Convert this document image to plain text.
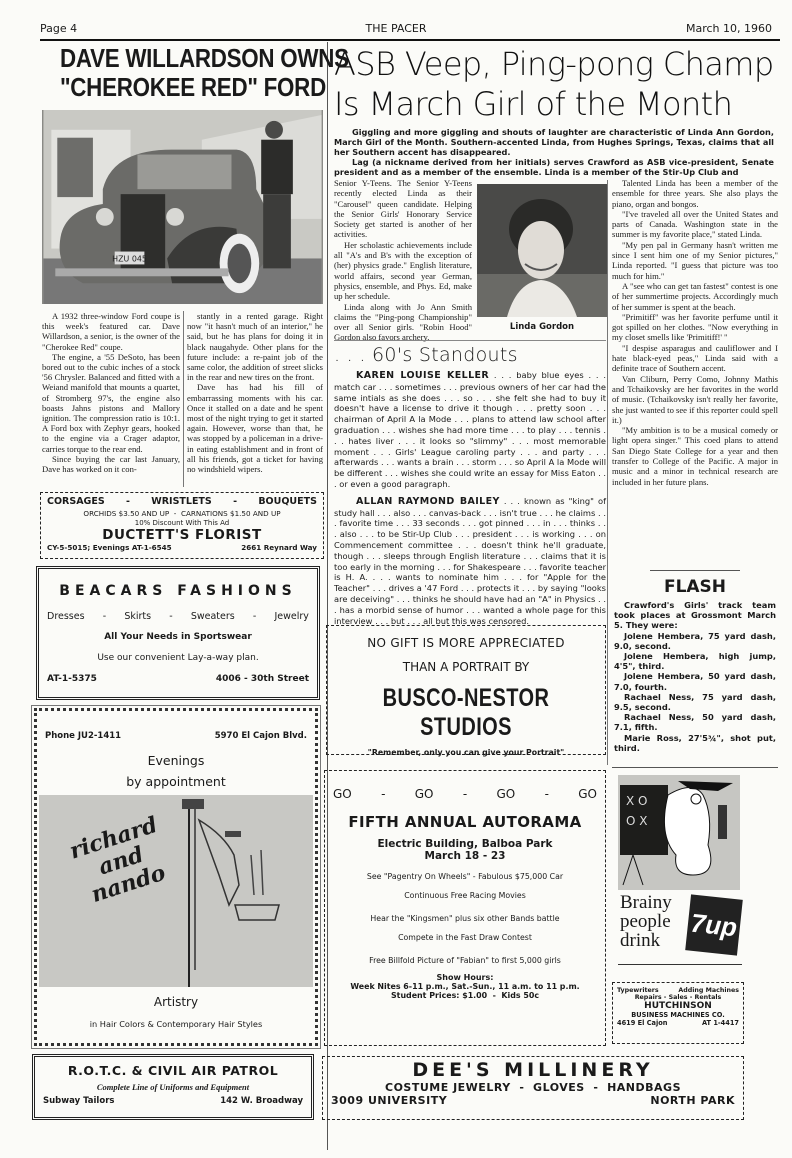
Page 4	THE PACER	March 10, 1960
DAVE WILLARDSON OWNS
"CHEROKEE RED" FORD
HZU 045

A 1932 three-window Ford coupe is this week's featured car. Dave Willardson, a senior, is the owner of the "Cherokee Red" coupe.

The engine, a '55 DeSoto, has been bored out to the cubic inches of a stock '56 Chrysler. Balanced and fitted with a Weiand manifold that mounts a quartet, of Stromberg 97's, the engine also boasts Jahns pistons and Mallory ignition. The compression ratio is 10:1. A Ford box with Zephyr gears, hooked to the engine via a Crager adaptor, carries torque to the rear end.

Since buying the car last January, Dave has worked on it con-

stantly in a rented garage. Right now "it hasn't much of an interior," he said, but he has plans for doing it in black naugahyde. Other plans for the future include: a re-paint job of the same color, the addition of street slicks in the rear and new tires on the front.

Dave has had his fill of embarrassing moments with his car. Once it stalled on a date and he spent most of the night trying to get it started again. However, worse than that, he was stopped by a policeman in a drive-in eating establishment and in front of all his friends, got a ticket for having no windshield wipers.

CORSAGES - WRISTLETS - BOUQUETS
ORCHIDS $3.50 AND UP  -  CARNATIONS $1.50 AND UP
10% Discount With This Ad
DUCTETT'S FLORIST
CY-5-5015; Evenings AT-1-6545	2661 Reynard Way
BEACARS FASHIONS
Dresses - Skirts - Sweaters - Jewelry
All Your Needs in Sportswear
Use our convenient Lay-a-way plan.
AT-1-5375	4006 - 30th Street
Phone JU2-1411	5970 El Cajon Blvd.
Evenings
by appointment
richard and nando
Artistry
in Hair Colors & Contemporary Hair Styles
R.O.T.C. & CIVIL AIR PATROL
Complete Line of Uniforms and Equipment
Subway Tailors	142 W. Broadway
ASB Veep, Ping-pong Champ
Is March Girl of the Month

Giggling and more giggling and shouts of laughter are characteristic of Linda Ann Gordon, March Girl of the Month. Southern-accented Linda, from Hughes Springs, Texas, claims that all her Southern accent has disappeared.

Lag (a nickname derived from her initials) serves Crawford as ASB vice-president, Senate president and as a member of the ensemble. Linda is a member of the Stir-Up Club and

Senior Y-Teens. The Senior Y-Teens recently elected Linda as their "Carousel" queen candidate. Helping the Senior Girls' Honorary Service Society get started is another of her activities.

Her scholastic achievements include all "A's and B's with the exception of (her) physics grade." English literature, world affairs, second year German, physics, ensemble, and Phys. Ed, make up her schedule.

Linda along with Jo Ann Smith claims the "Ping-pong Championship" over all Senior girls. "Robin Hood" Gordon also favors archery.

Linda Gordon

Talented Linda has been a member of the ensemble for three years. She also plays the piano, organ and bongos.

"I've traveled all over the United States and parts of Canada. Washington state in the summer is my favorite place," stated Linda.

"My pen pal in Germany hasn't written me since I sent him one of my Senior pictures," Linda reported. "I guess that picture was too much for him."

A "see who can get tan fastest" contest is one of her summertime projects. Accordingly much of her summer is spent at the beach.

"Primitiff" was her favorite perfume until it got spilled on her clothes. "Now everything in my closet smells like 'Primitiff!' "

"I despise asparagus and cauliflower and I hate black-eyed peas," Linda said with a definite trace of Southern accent.

Van Cliburn, Perry Como, Johnny Mathis and Tchaikovsky are her favorites in the world of music. (Tchaikovsky isn't really her favorite, she just wanted to see if this reporter could spell it.)

"My ambition is to be a musical comedy or light opera singer." This coed plans to attend San Diego State College for a year and then transfer to College of the Pacific. A major in music and a minor in technical research are included in her future plans.

. . . 60's Standouts

KAREN LOUISE KELLER . . . baby blue eyes . . . match car . . . sometimes . . . previous owners of her car had the same intials as she does . . . so . . . she felt she had to buy it doesn't have a license to drive it though . . . pretty soon . . . chairman of April A la Mode . . . plans to attend law school after graduation . . . wishes she had more time . . . to play . . . tennis . . . hates liver . . . it looks so "slimmy" . . . most memorable moment . . . Girls' League caroling party . . . and party . . . afterwards . . . wants a brain . . . storm . . . so April A la Mode will be different . . . wishes she could write an essay for Miss Eaton . . . or even a good paragraph.

ALLAN RAYMOND BAILEY . . . known as "king" of study hall . . . also . . . canvas-back . . . isn't true . . . he claims . . . favorite time . . . 33 seconds . . . got pinned . . . in . . . thinks . . . also . . . to be Stir-Up Club . . . president . . . is working . . . on Commencement committee . . . doesn't think he'll graduate, though . . . sleeps through English literature . . . claims that it is too early in the morning . . . for Shakespeare . . . favorite teacher is H. A. . . . wants to nominate him . . . for "Apple for the Teacher" . . . drives a '47 Ford . . . protects it . . . by saying "looks are deceiving" . . . thinks he should have had an "A" in Physics . . . has a morbid sense of humor . . . wanted a whole page for this interview . . . but . . . all but this was censored.

NO GIFT IS MORE APPRECIATED
THAN A PORTRAIT BY
BUSCO-NESTOR STUDIOS
"Remember, only you can give your Portrait"
GO - GO - GO - GO
FIFTH ANNUAL AUTORAMA
Electric Building, Balboa Park
March 18 - 23
See "Pagentry On Wheels" - Fabulous $75,000 Car
Continuous Free Racing Movies
Hear the "Kingsmen" plus six other Bands battle
Compete in the Fast Draw Contest
Free Billfold Picture of "Fabian" to first 5,000 girls
Show Hours:
Week Nites 6-11 p.m., Sat.-Sun., 11 a.m. to 11 p.m.
Student Prices: $1.00  -  Kids 50c
FLASH

Crawford's Girls' track team took places at Grossmont March 5. They were:

Jolene Hembera, 75 yard dash, 9.0, second.

Jolene Hembera, high jump, 4'5", third.

Jolene Hembera, 50 yard dash, 7.0, fourth.

Rachael Ness, 75 yard dash, 9.5, second.

Rachael Ness, 50 yard dash, 7.1, fifth.

Marie Ross, 27'5¾", shot put, third.

X O
O X
Brainy
people
drink	7up
Typewriters	Adding Machines
Repairs - Sales - Rentals
HUTCHINSON
BUSINESS MACHINES CO.
4619 El Cajon	AT 1-4417
DEE'S MILLINERY
COSTUME JEWELRY  -  GLOVES  -  HANDBAGS
3009 UNIVERSITY	NORTH PARK
